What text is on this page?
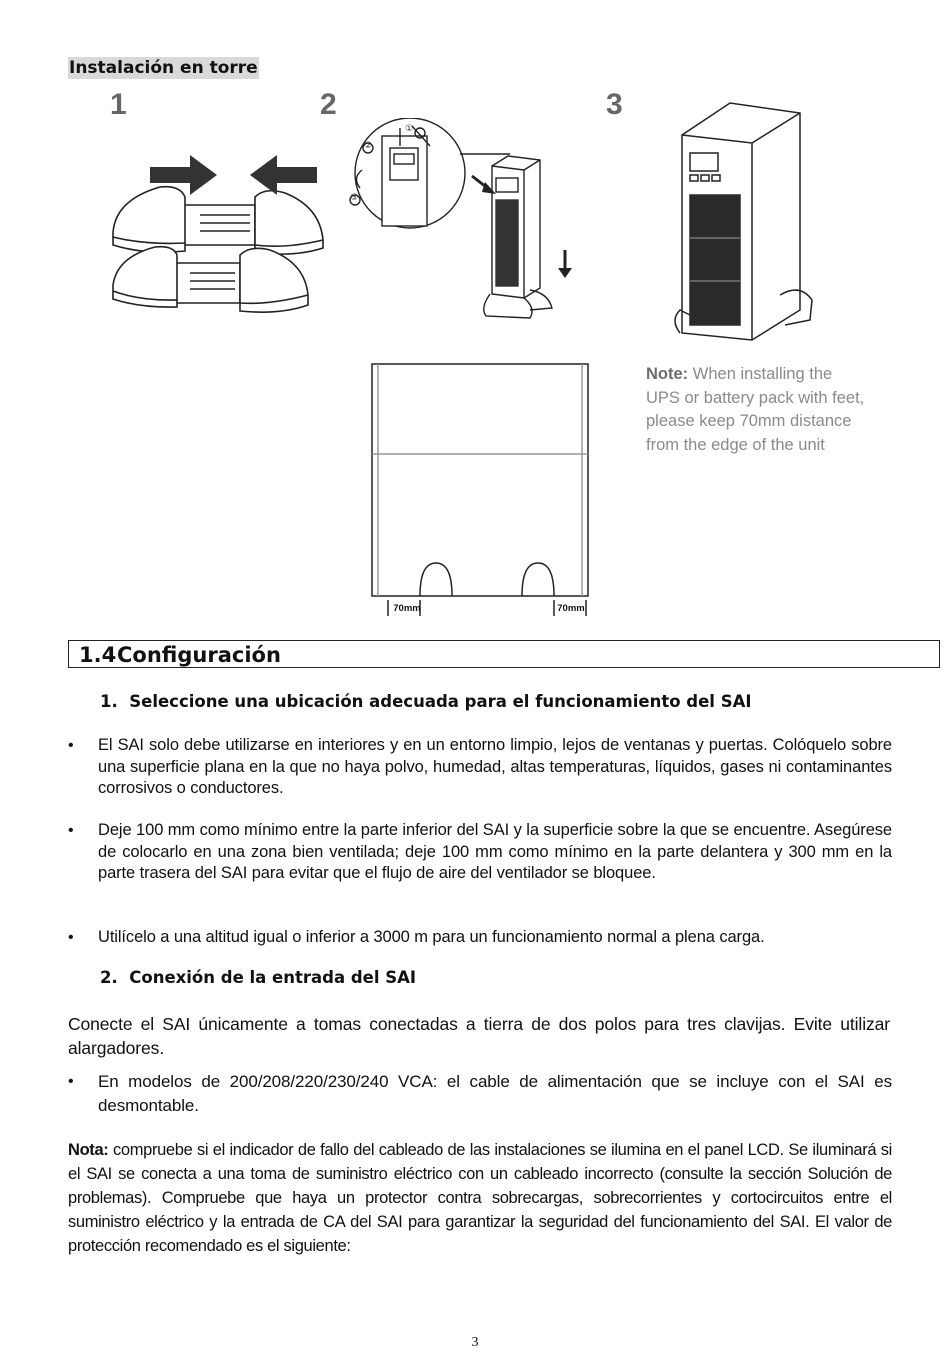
Instalación en torre
1	2	3
70mm	70mm
①
②
③
Note: When installing the
UPS or battery pack with feet,
please keep 70mm distance
from the edge of the unit
1.4Configuración
1. Seleccione una ubicación adecuada para el funcionamiento del SAI
• El SAI solo debe utilizarse en interiores y en un entorno limpio, lejos de ventanas y puertas. Colóquelo sobre una superficie plana en la que no haya polvo, humedad, altas temperaturas, líquidos, gases ni contaminantes corrosivos o conductores.
• Deje 100 mm como mínimo entre la parte inferior del SAI y la superficie sobre la que se encuentre. Asegúrese de colocarlo en una zona bien ventilada; deje 100 mm como mínimo en la parte delantera y 300 mm en la parte trasera del SAI para evitar que el flujo de aire del ventilador se bloquee.
• Utilícelo a una altitud igual o inferior a 3000 m para un funcionamiento normal a plena carga.
2. Conexión de la entrada del SAI
Conecte el SAI únicamente a tomas conectadas a tierra de dos polos para tres clavijas. Evite utilizar alargadores.
• En modelos de 200/208/220/230/240 VCA: el cable de alimentación que se incluye con el SAI es desmontable.
Nota: compruebe si el indicador de fallo del cableado de las instalaciones se ilumina en el panel LCD. Se iluminará si el SAI se conecta a una toma de suministro eléctrico con un cableado incorrecto (consulte la sección Solución de problemas). Compruebe que haya un protector contra sobrecargas, sobrecorrientes y cortocircuitos entre el suministro eléctrico y la entrada de CA del SAI para garantizar la seguridad del funcionamiento del SAI. El valor de protección recomendado es el siguiente:
3
